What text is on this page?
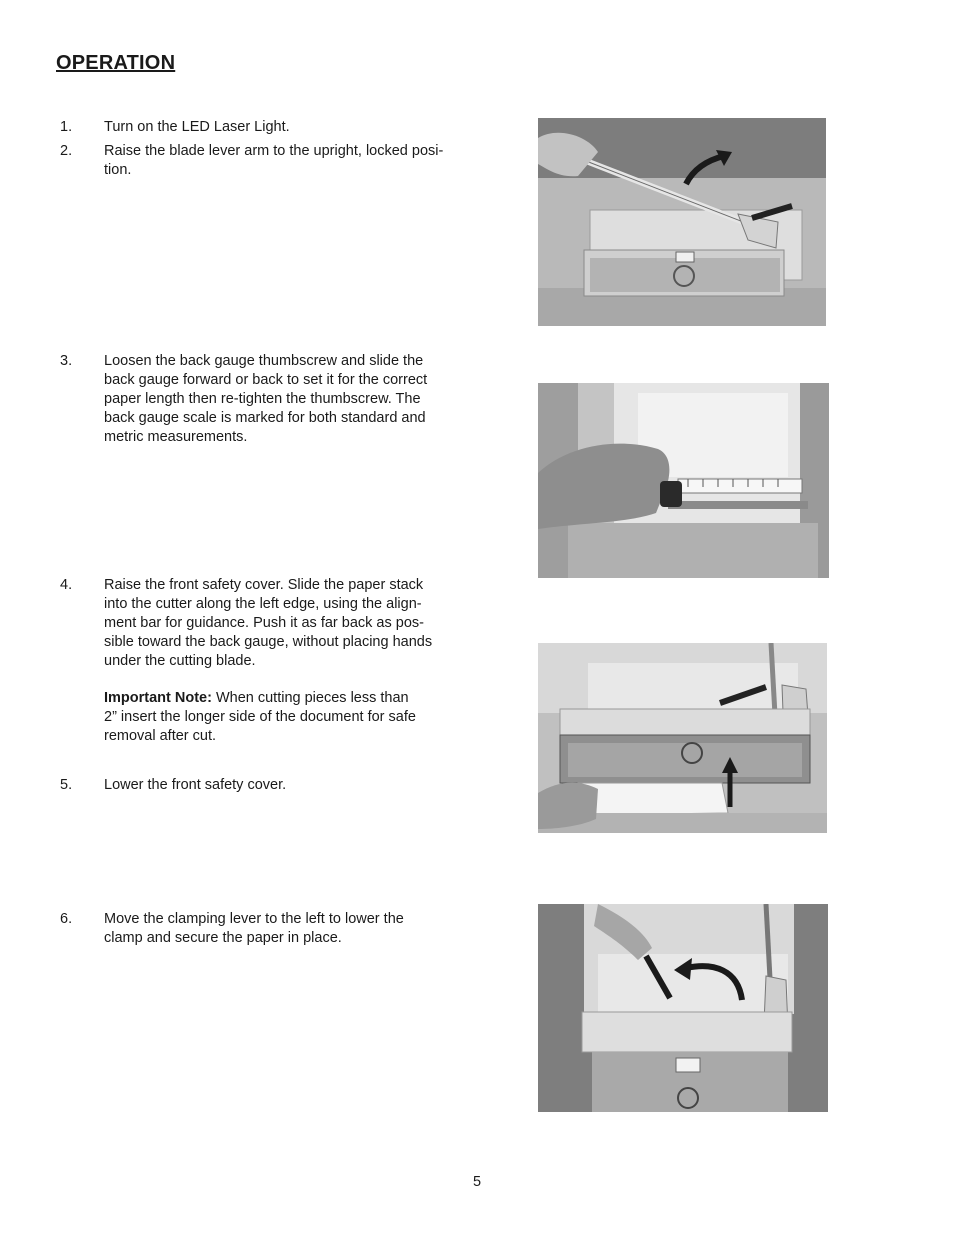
OPERATION
1.	Turn on the LED Laser Light.
2.	Raise the blade lever arm to the upright, locked posi-
tion.
3.	Loosen the back gauge thumbscrew and slide the
back gauge forward or back to set it for the correct
paper length then re-tighten the thumbscrew. The
back gauge scale is marked for both standard and
metric measurements.
4.	Raise the front safety cover. Slide the paper stack
into the cutter along the left edge, using the align-
ment bar for guidance. Push it as far back as pos-
sible toward the back gauge, without placing hands
under the cutting blade.
Important Note: When cutting pieces less than
2” insert the longer side of the document for safe
removal after cut.
5.	Lower the front safety cover.
6.	Move the clamping lever to the left to lower the
clamp and secure the paper in place.
5
